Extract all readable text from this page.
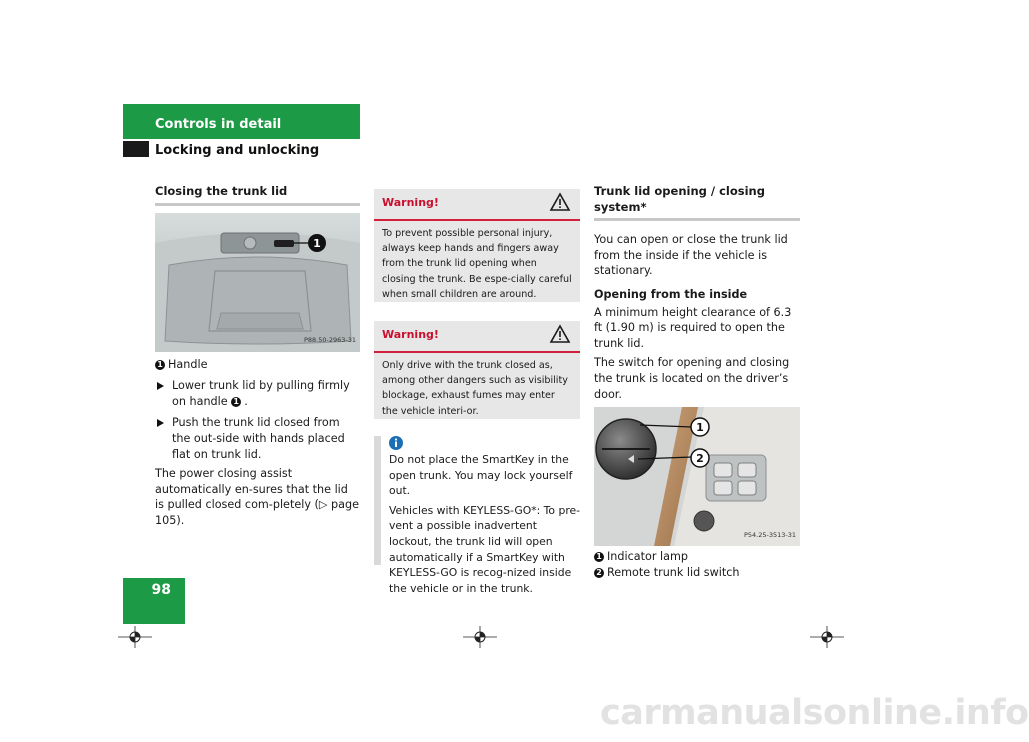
Controls in detail
Locking and unlocking
Closing the trunk lid
1
P88.50-2963-31

1 Handle

Lower trunk lid by pulling firmly on handle 1 .

Push the trunk lid closed from the out-side with hands placed flat on trunk lid.

The power closing assist automatically en-sures that the lid is pulled closed com-pletely (▷ page 105).

Warning!
To prevent possible personal injury, always keep hands and fingers away from the trunk lid opening when closing the trunk. Be espe-cially careful when small children are around.
Warning!
Only drive with the trunk closed as, among other dangers such as visibility blockage, exhaust fumes may enter the vehicle interi-or.

Do not place the SmartKey in the open trunk. You may lock yourself out.

Vehicles with KEYLESS-GO*: To pre-vent a possible inadvertent lockout, the trunk lid will open automatically if a SmartKey with KEYLESS-GO is recog-nized inside the vehicle or in the trunk.

Trunk lid opening / closing system*

You can open or close the trunk lid from the inside if the vehicle is stationary.

Opening from the inside

A minimum height clearance of 6.3 ft (1.90 m) is required to open the trunk lid.

The switch for opening and closing the trunk is located on the driver’s door.

1
2
P54.25-3513-31

1 Indicator lamp

2 Remote trunk lid switch

98
carmanualsonline.info
